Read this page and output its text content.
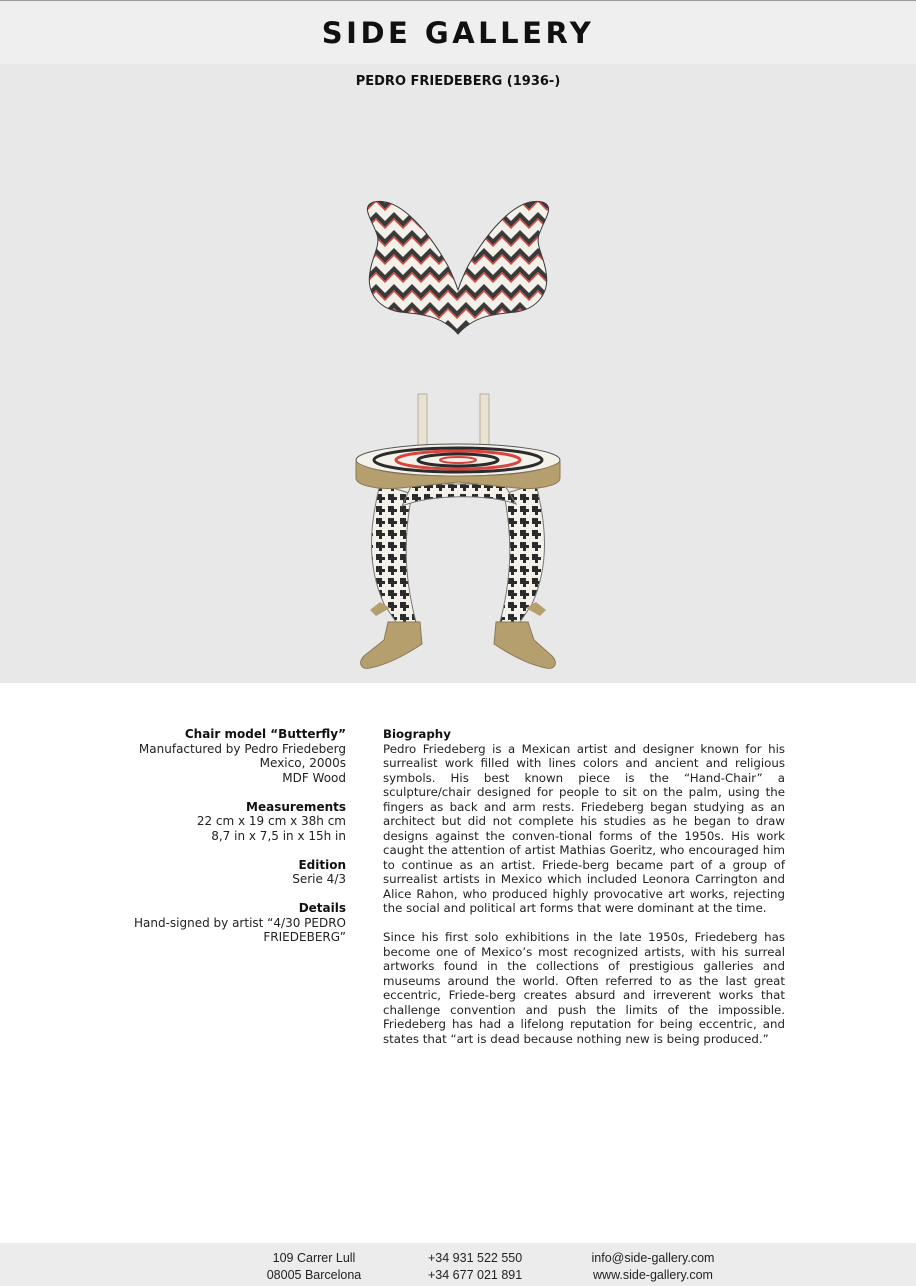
SIDE GALLERY
PEDRO FRIEDEBERG (1936-)
Chair model “Butterfly”
Manufactured by Pedro Friedeberg
Mexico, 2000s
MDF Wood
Measurements
22 cm x 19 cm x 38h cm
8,7 in x 7,5 in x 15h in
Edition
Serie 4/3
Details
Hand-signed by artist “4/30 PEDRO
FRIEDEBERG”
Biography

Pedro Friedeberg is a Mexican artist and designer known for his surrealist work filled with lines colors and ancient and religious symbols. His best known piece is the “Hand-Chair” a sculpture/chair designed for people to sit on the palm, using the fingers as back and arm rests. Friedeberg began studying as an architect but did not complete his studies as he began to draw designs against the conven-tional forms of the 1950s. His work caught the attention of artist Mathias Goeritz, who encouraged him to continue as an artist. Friede-berg became part of a group of surrealist artists in Mexico which included Leonora Carrington and Alice Rahon, who produced highly provocative art works, rejecting the social and political art forms that were dominant at the time.

Since his first solo exhibitions in the late 1950s, Friedeberg has become one of Mexico’s most recognized artists, with his surreal artworks found in the collections of prestigious galleries and museums around the world. Often referred to as the last great eccentric, Friede-berg creates absurd and irreverent works that challenge convention and push the limits of the impossible. Friedeberg has had a lifelong reputation for being eccentric, and states that “art is dead because nothing new is being produced.”

109 Carrer Lull
08005 Barcelona
+34 931 522 550
+34 677 021 891
info@side-gallery.com
www.side-gallery.com
